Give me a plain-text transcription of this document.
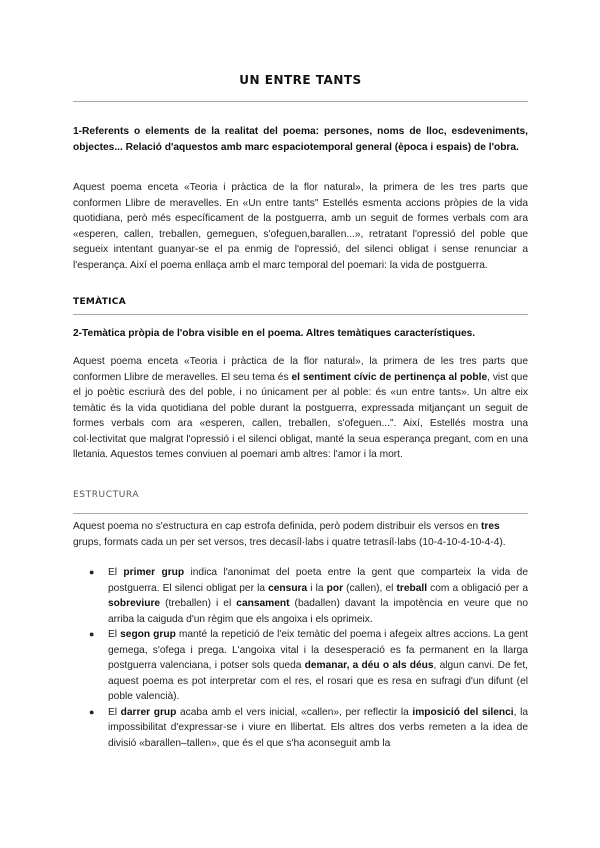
UN ENTRE TANTS
1-Referents o elements de la realitat del poema: persones, noms de lloc, esdeveniments, objectes... Relació d'aquestos amb marc espaciotemporal general (època i espais) de l'obra.
Aquest poema enceta «Teoria i pràctica de la flor natural», la primera de les tres parts que conformen Llibre de meravelles. En «Un entre tants" Estellés esmenta accions pròpies de la vida quotidiana, però més específicament de la postguerra, amb un seguit de formes verbals com ara «esperen, callen, treballen, gemeguen, s'ofeguen,barallen...», retratant l'opressió del poble que segueix intentant guanyar-se el pa enmig de l'opressió, del silenci obligat i sense renunciar a l'esperança. Així el poema enllaça amb el marc temporal del poemari: la vida de postguerra.
TEMÀTICA
2-Temàtica pròpia de l'obra visible en el poema. Altres temàtiques característiques.
Aquest poema enceta «Teoria i pràctica de la flor natural», la primera de les tres parts que conformen Llibre de meravelles. El seu tema és el sentiment cívic de pertinença al poble, vist que el jo poètic escriurà des del poble, i no únicament per al poble: és «un entre tants». Un altre eix temàtic és la vida quotidiana del poble durant la postguerra, expressada mitjançant un seguit de formes verbals com ara «esperen, callen, treballen, s'ofeguen...". Així, Estellés mostra una col·lectivitat que malgrat l'opressió i el silenci obligat, manté la seua esperança pregant, com en una lletania. Aquestos temes conviuen al poemari amb altres: l'amor i la mort.
ESTRUCTURA
Aquest poema no s'estructura en cap estrofa definida, però podem distribuir els versos en tres grups, formats cada un per set versos, tres decasíl·labs i quatre tetrasíl·labs (10-4-10-4-10-4-4).
● El primer grup indica l'anonimat del poeta entre la gent que comparteix la vida de postguerra. El silenci obligat per la censura i la por (callen), el treball com a obligació per a sobreviure (treballen) i el cansament (badallen) davant la impotència en veure que no arriba la caiguda d'un règim que els angoixa i els oprimeix.
● El segon grup manté la repetició de l'eix temàtic del poema i afegeix altres accions. La gent gemega, s'ofega i prega. L'angoixa vital i la desesperació es fa permanent en la llarga postguerra valenciana, i potser sols queda demanar, a déu o als déus, algun canvi. De fet, aquest poema es pot interpretar com el res, el rosari que es resa en sufragi d'un difunt (el poble valencià).
● El darrer grup acaba amb el vers inicial, «callen», per reflectir la imposició del silenci, la impossibilitat d'expressar-se i viure en llibertat. Els altres dos verbs remeten a la idea de divisió «barallen–tallen», que és el que s'ha aconseguit amb la
